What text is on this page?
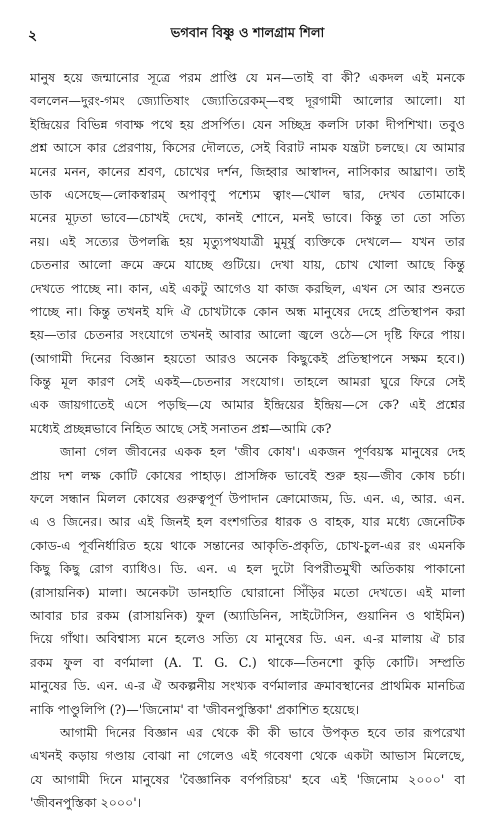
২	ভগবান বিষ্ণু ও শালগ্রাম শিলা
মানুষ হয়ে জন্মানোর সূত্রে পরম প্রাপ্তি যে মন—তাই বা কী? একদল এই মনকে
বললেন—দুরং-গমং জ্যোতিষাং জ্যোতিরেকম্—বহু দূরগামী আলোর আলো। যা
ইন্দ্রিয়ের বিভিন্ন গবাক্ষ পথে হয় প্রসর্পিত। যেন সচ্ছিদ্র কলসি ঢাকা দীপশিখা। তবুও
প্রশ্ন আসে কার প্রেরণায়, কিসের দৌলতে, সেই বিরাট নামক যন্ত্রটা চলছে। যে আমার
মনের মনন, কানের শ্রবণ, চোখের দর্শন, জিহ্বার আস্বাদন, নাসিকার আঘ্রাণ। তাই
ডাক এসেছে—লোকস্বারম্ অপাবৃণু পশ্যেম ত্বাং—খোল দ্বার, দেখব তোমাকে।
মনের মূঢ়তা ভাবে—চোখই দেখে, কানই শোনে, মনই ভাবে। কিন্তু তা তো সত্যি
নয়। এই সত্যের উপলব্ধি হয় মৃত্যুপথযাত্রী মুমূর্ষু ব্যক্তিকে দেখলে— যখন তার
চেতনার আলো ক্রমে ক্রমে যাচ্ছে গুটিয়ে। দেখা যায়, চোখ খোলা আছে কিন্তু
দেখতে পাচ্ছে না। কান, এই একটু আগেও যা কাজ করছিল, এখন সে আর শুনতে
পাচ্ছে না। কিন্তু তখনই যদি ঐ চোখটাকে কোন অন্ধ মানুষের দেহে প্রতিস্থাপন করা
হয়—তার চেতনার সংযোগে তখনই আবার আলো জ্বলে ওঠে—সে দৃষ্টি ফিরে পায়।
(আগামী দিনের বিজ্ঞান হয়তো আরও অনেক কিছুকেই প্রতিস্থাপনে সক্ষম হবে।)
কিন্তু মূল কারণ সেই একই—চেতনার সংযোগ। তাহলে আমরা ঘুরে ফিরে সেই
এক জায়গাতেই এসে পড়ছি—যে আমার ইন্দ্রিয়ের ইন্দ্রিয়—সে কে? এই প্রশ্নের
মধ্যেই প্রচ্ছন্নভাবে নিহিত আছে সেই সনাতন প্রশ্ন—আমি কে?
জানা গেল জীবনের একক হল 'জীব কোষ'। একজন পূর্ণবয়স্ক মানুষের দেহ
প্রায় দশ লক্ষ কোটি কোষের পাহাড়। প্রাসঙ্গিক ভাবেই শুরু হয়—জীব কোষ চর্চা।
ফলে সন্ধান মিলল কোষের গুরুত্বপূর্ণ উপাদান ক্রোমোজম, ডি. এন. এ, আর. এন.
এ ও জিনের। আর এই জিনই হল বংশগতির ধারক ও বাহক, যার মধ্যে জেনেটিক
কোড-এ পূর্বনির্ধারিত হয়ে থাকে সন্তানের আকৃতি-প্রকৃতি, চোখ-চুল-এর রং এমনকি
কিছু কিছু রোগ ব্যাধিও। ডি. এন. এ হল দুটো বিপরীতমুখী অতিকায় পাকানো
(রাসায়নিক) মালা। অনেকটা ডানহাতি ঘোরানো সিঁড়ির মতো দেখতে। এই মালা
আবার চার রকম (রাসায়নিক) ফুল (অ্যাডিনিন, সাইটোসিন, গুয়ানিন ও থাইমিন)
দিয়ে গাঁথা। অবিশ্বাস্য মনে হলেও সত্যি যে মানুষের ডি. এন. এ-র মালায় ঐ চার
রকম ফুল বা বর্ণমালা (A. T. G. C.) থাকে—তিনশো কুড়ি কোটি। সম্প্রতি
মানুষের ডি. এন. এ-র ঐ অকল্পনীয় সংখ্যক বর্ণমালার ক্রমাবস্থানের প্রাথমিক মানচিত্র
নাকি পাণ্ডুলিপি (?)—'জিনোম' বা 'জীবনপুস্তিকা' প্রকাশিত হয়েছে।
আগামী দিনের বিজ্ঞান এর থেকে কী কী ভাবে উপকৃত হবে তার রূপরেখা
এখনই কড়ায় গণ্ডায় বোঝা না গেলেও এই গবেষণা থেকে একটা আভাস মিলেছে,
যে আগামী দিনে মানুষের 'বৈজ্ঞানিক বর্ণপরিচয়' হবে এই 'জিনোম ২০০০' বা
'জীবনপুস্তিকা ২০০০'।
